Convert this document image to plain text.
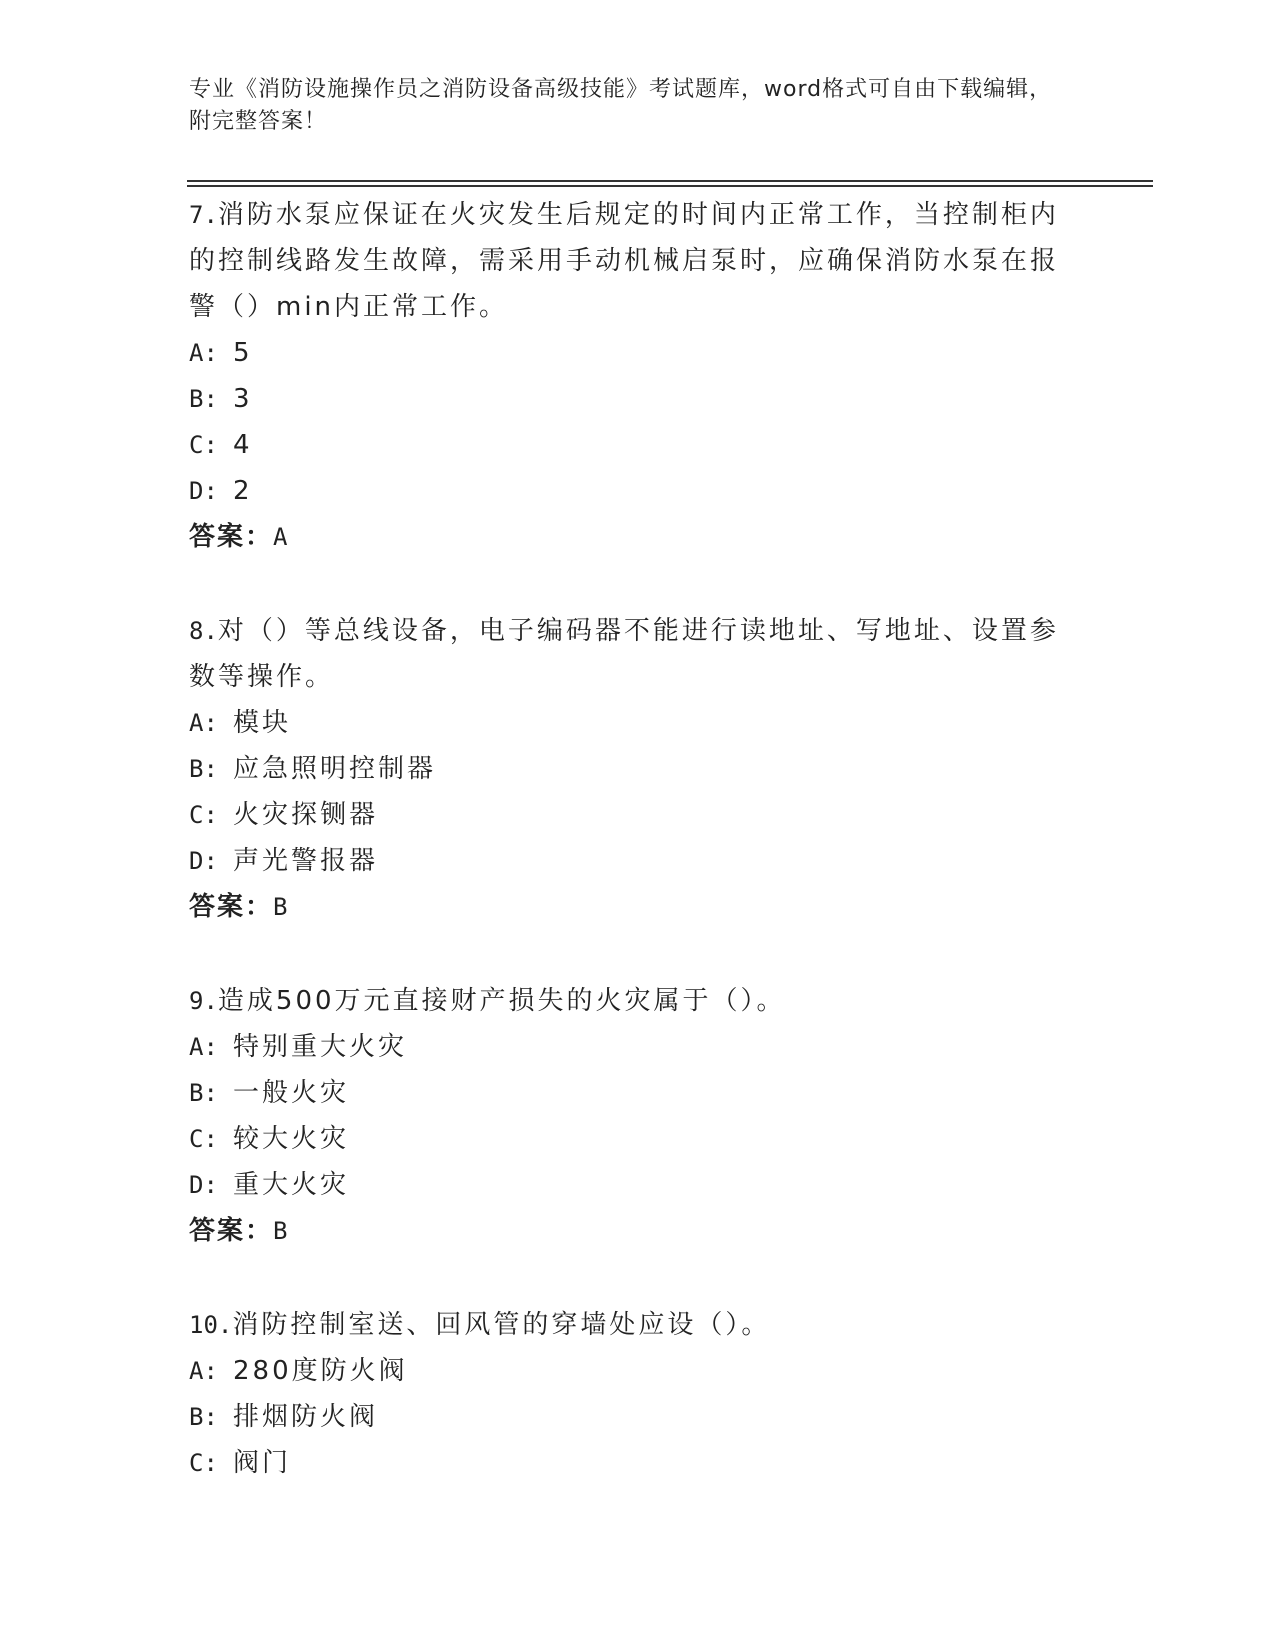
专业《消防设施操作员之消防设备高级技能》考试题库，word格式可自由下载编辑，附完整答案！

7.消防水泵应保证在火灾发生后规定的时间内正常工作，当控制柜内的控制线路发生故障，需采用手动机械启泵时，应确保消防水泵在报警（）min内正常工作。

A: 5

B: 3

C: 4

D: 2

答案：A

8.对（）等总线设备，电子编码器不能进行读地址、写地址、设置参数等操作。

A: 模块

B: 应急照明控制器

C: 火灾探铡器

D: 声光警报器

答案：B

9.造成500万元直接财产损失的火灾属于（）。

A: 特别重大火灾

B: 一般火灾

C: 较大火灾

D: 重大火灾

答案：B

10.消防控制室送、回风管的穿墙处应设（）。

A: 280度防火阀

B: 排烟防火阀

C: 阀门
